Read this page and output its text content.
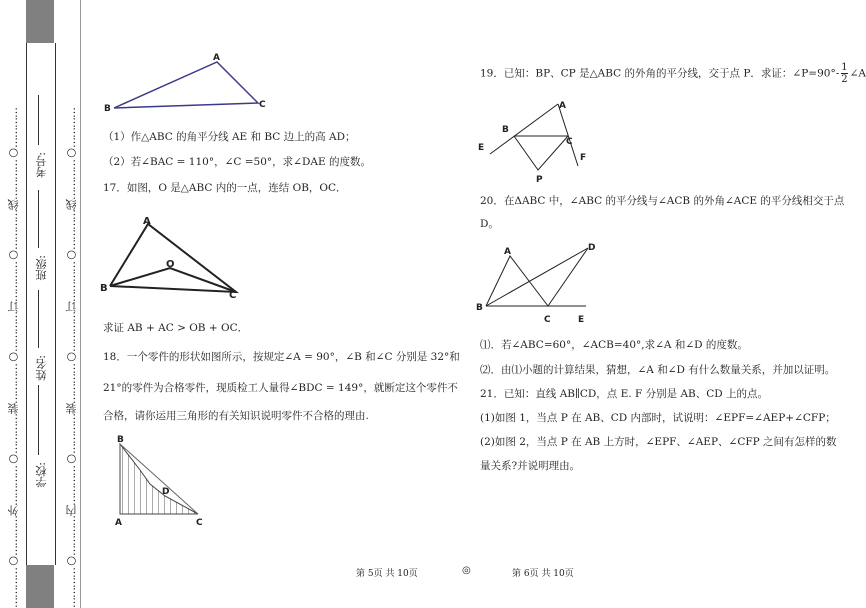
…………○…………外…………○…………装…………○…………订…………○…………线…………○…………	…………○…………内…………○…………装…………○…………订…………○…………线…………○…………
学校:
姓名:
班级:
考号:
A
B	C
（1）作△ABC 的角平分线 AE 和 BC 边上的高 AD；
（2）若∠BAC = 110°，∠C =50°，求∠DAE 的度数。
17．如图，O 是△ABC 内的一点，连结 OB，OC．
A
O
B
C
求证 AB + AC > OB + OC．
18．一个零件的形状如图所示，按规定∠A = 90°，∠B 和∠C 分别是 32°和
21°的零件为合格零件，现质检工人量得∠BDC = 149°，就断定这个零件不
合格，请你运用三角形的有关知识说明零件不合格的理由.
B
D
A	C
第 5页 共 10页	◎
19．已知：BP、CP 是△ABC 的外角的平分线，交于点 P．求证：∠P=90°- $\frac{1}{2}$ ∠A
A
B
C
E
F
P
20．在ΔABC 中，∠ABC 的平分线与∠ACB 的外角∠ACE 的平分线相交于点
D。
A	D
B
C	E
⑴．若∠ABC=60°，∠ACB=40°,求∠A 和∠D 的度数。
⑵．由⑴小题的计算结果，猜想，∠A 和∠D 有什么数量关系，并加以证明。
21．已知：直线 AB∥CD，点 E. F 分别是 AB、CD 上的点。
(1)如图 1，当点 P 在 AB、CD 内部时，试说明：∠EPF=∠AEP+∠CFP；
(2)如图 2，当点 P 在 AB 上方时，∠EPF、∠AEP、∠CFP 之间有怎样的数
量关系?并说明理由。
第 6页 共 10页
